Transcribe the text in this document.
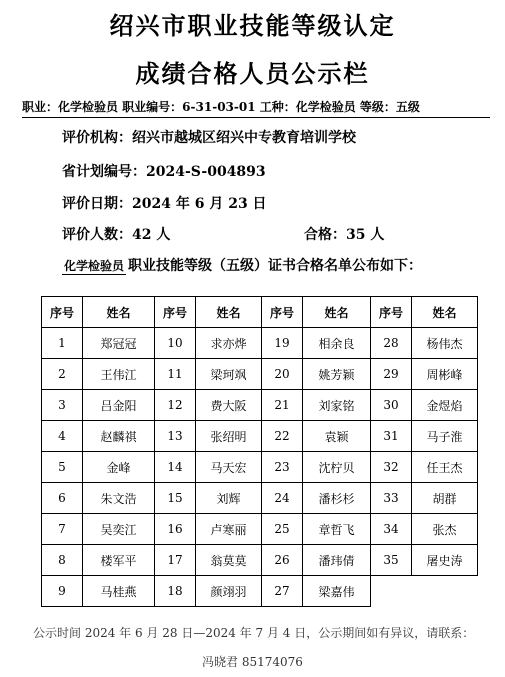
绍兴市职业技能等级认定
成绩合格人员公示栏
职业：化学检验员 职业编号：6-31-03-01 工种：化学检验员 等级：五级
评价机构：绍兴市越城区绍兴中专教育培训学校
省计划编号：2024-S-004893
评价日期：2024 年 6 月 23 日
评价人数：42 人	合格：35 人
化学检验员 职业技能等级（五级）证书合格名单公布如下：
序号	姓名	序号	姓名	序号	姓名	序号	姓名
1	郑冠冠	10	求亦烨	19	相余良	28	杨伟杰
2	王伟江	11	梁珂飒	20	姚芳颖	29	周彬峰
3	吕金阳	12	费大阪	21	刘家铭	30	金煜焰
4	赵麟祺	13	张绍明	22	袁颖	31	马子淮
5	金峰	14	马天宏	23	沈柠贝	32	任王杰
6	朱文浩	15	刘辉	24	潘杉杉	33	胡群
7	吴奕江	16	卢寒丽	25	章哲飞	34	张杰
8	楼军平	17	翁莫莫	26	潘玮倩	35	屠史涛
9	马桂燕	18	颜翊羽	27	梁嘉伟		
公示时间 2024 年 6 月 28 日—2024 年 7 月 4 日，公示期间如有异议，请联系：
冯晓君 85174076
